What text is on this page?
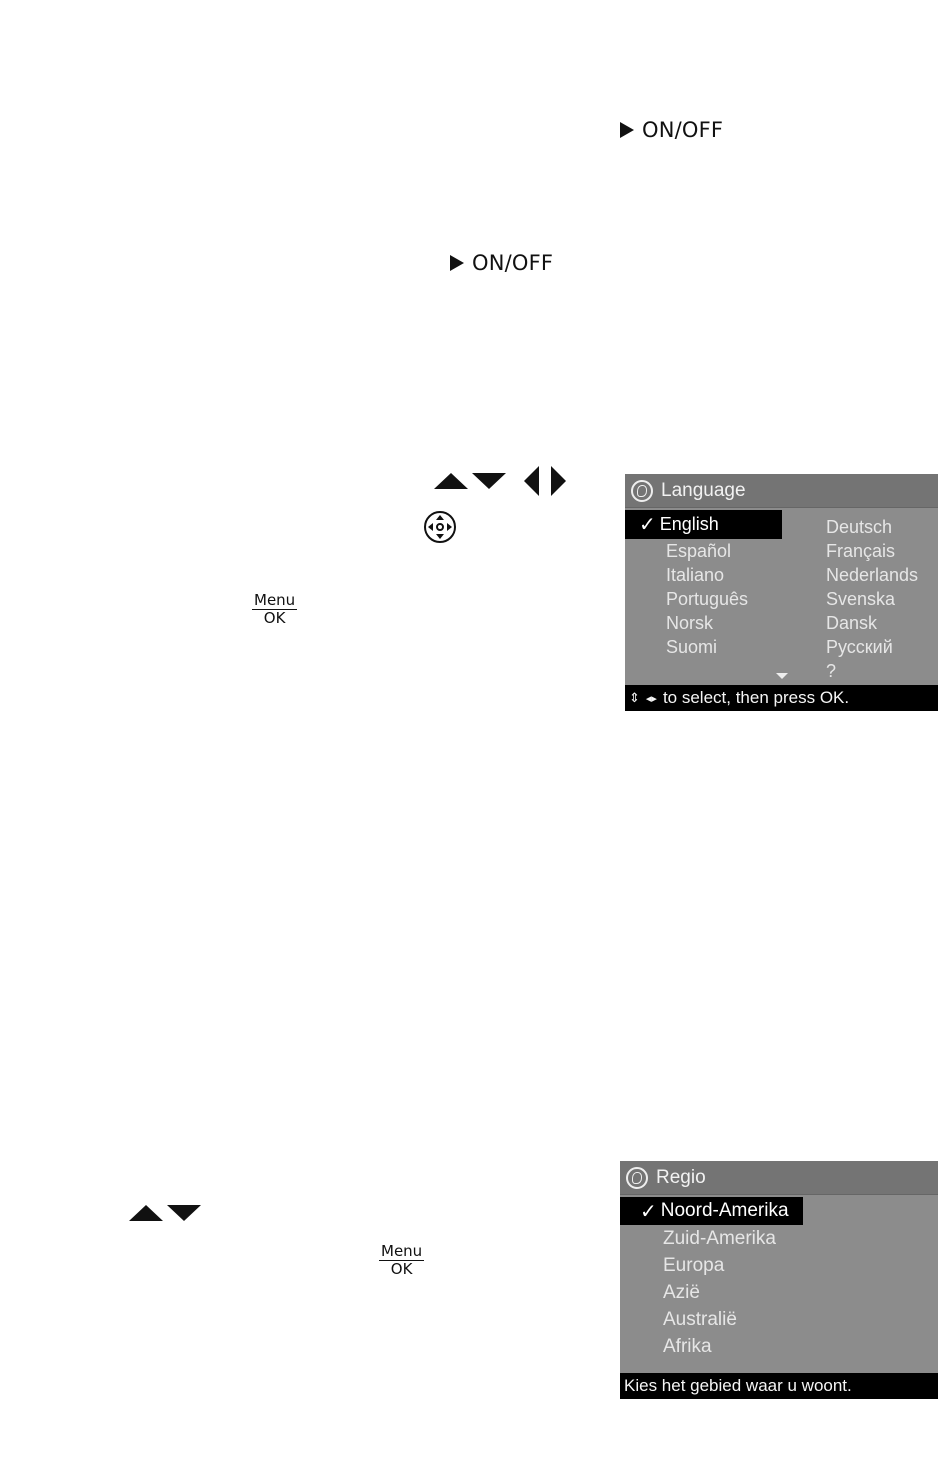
ON/OFF
ON/OFF
Menu
OK
Language
✓ English
Español
Italiano
Português
Norsk
Suomi
Deutsch
Français
Nederlands
Svenska
Dansk
Русский
?
⇕ ◂▸ to select, then press OK.
Menu
OK
Regio
✓ Noord-Amerika
Zuid-Amerika
Europa
Azië
Australië
Afrika
Kies het gebied waar u woont.
